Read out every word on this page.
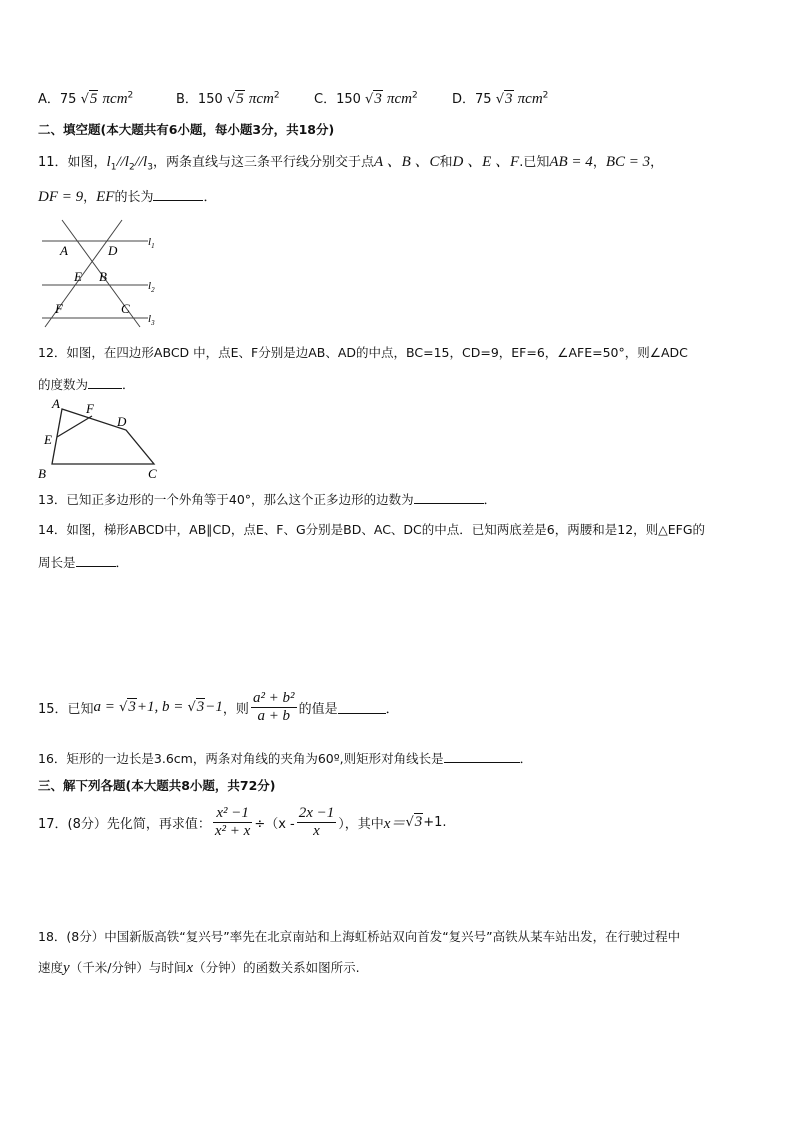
A．75 √5 πcm$^2$	B．150 √5 πcm$^2$	C．150 √3 πcm$^2$	D．75 √3 πcm$^2$
二、填空题(本大题共有6小题，每小题3分，共18分)
11．如图，$l_1//l_2//l_3$，两条直线与这三条平行线分别交于点A 、B 、C和D 、E 、F.已知AB = 4，BC = 3，
DF = 9，EF的长为	．
A	D
E B
F	C
$l_1$
$l_2$
$l_3$
12．如图，在四边形ABCD 中，点E、F分别是边AB、AD的中点，BC=15，CD=9，EF=6，∠AFE=50°，则∠ADC
的度数为	．
A F
D
E
B	C
13．已知正多边形的一个外角等于40°，那么这个正多边形的边数为	．
14．如图，梯形ABCD中，AB∥CD，点E、F、G分别是BD、AC、DC的中点．已知两底差是6，两腰和是12，则△EFG的
周长是	．
15．已知a = √3+1, b = √3−1，则 $\frac{\text{a² + b²}}{a + b}$ 的值是	．
16．矩形的一边长是3.6cm，两条对角线的夹角为60º,则矩形对角线长是	．
三、解下列各题(本大题共8小题，共72分)
17．(8分）先化简，再求值： $\frac{\text{x² −1}}{\text{x² + x}} \div(x - \frac{2x -1}{x}$ ），其中x＝√3+1.
18．(8分）中国新版高铁“复兴号”率先在北京南站和上海虹桥站双向首发“复兴号”高铁从某车站出发，在行驶过程中
速度y（千米/分钟）与时间x（分钟）的函数关系如图所示.
